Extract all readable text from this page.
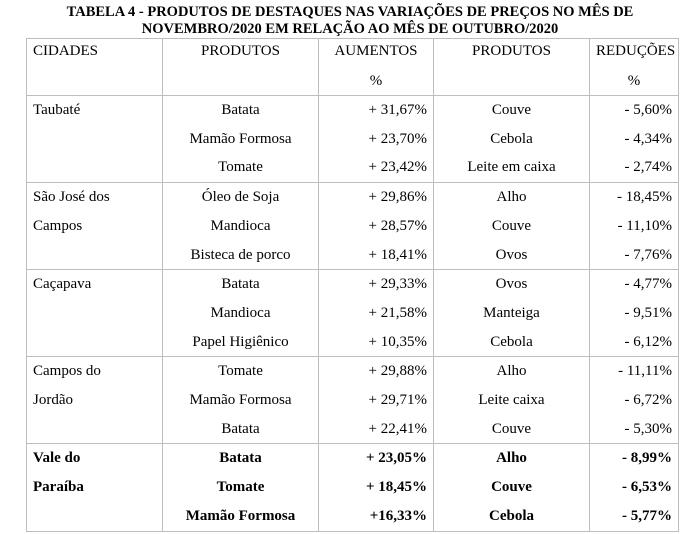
TABELA 4 - PRODUTOS DE DESTAQUES NAS VARIAÇÕES DE PREÇOS NO MÊS DE
NOVEMBRO/2020 EM RELAÇÃO AO MÊS DE OUTUBRO/2020
CIDADES	PRODUTOS	AUMENTOS	PRODUTOS	REDUÇÕES
		%		%
Taubaté	Batata	+ 31,67%	Couve	- 5,60%
	Mamão Formosa	+ 23,70%	Cebola	- 4,34%
	Tomate	+ 23,42%	Leite em caixa	- 2,74%
São José dos	Óleo de Soja	+ 29,86%	Alho	- 18,45%
Campos	Mandioca	+ 28,57%	Couve	- 11,10%
	Bisteca de porco	+ 18,41%	Ovos	- 7,76%
Caçapava	Batata	+ 29,33%	Ovos	- 4,77%
	Mandioca	+ 21,58%	Manteiga	- 9,51%
	Papel Higiênico	+ 10,35%	Cebola	- 6,12%
Campos do	Tomate	+ 29,88%	Alho	- 11,11%
Jordão	Mamão Formosa	+ 29,71%	Leite caixa	- 6,72%
	Batata	+ 22,41%	Couve	- 5,30%
Vale do	Batata	+ 23,05%	Alho	- 8,99%
Paraíba	Tomate	+ 18,45%	Couve	- 6,53%
	Mamão Formosa	+16,33%	Cebola	- 5,77%
